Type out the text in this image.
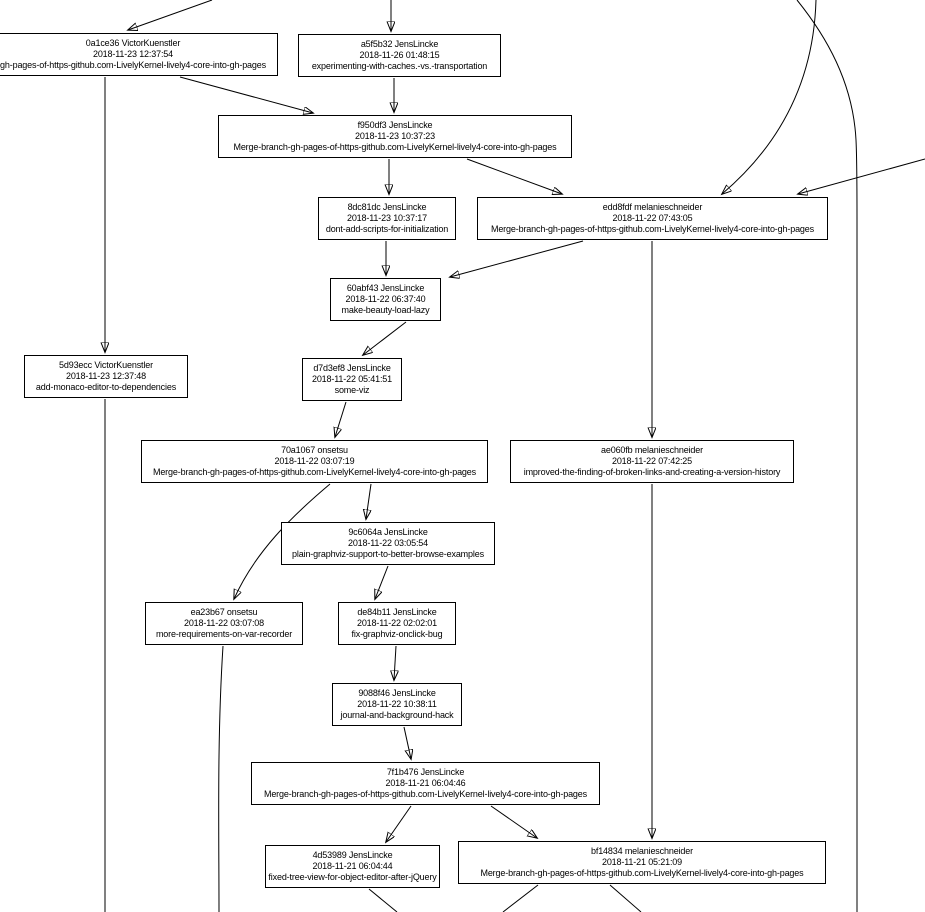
0a1ce36 VictorKuenstler
2018-11-23 12:37:54
gh-pages-of-https-github.com-LivelyKernel-lively4-core-into-gh-pages
a5f5b32 JensLincke
2018-11-26 01:48:15
experimenting-with-caches.-vs.-transportation
f950df3 JensLincke
2018-11-23 10:37:23
Merge-branch-gh-pages-of-https-github.com-LivelyKernel-lively4-core-into-gh-pages
8dc81dc JensLincke
2018-11-23 10:37:17
dont-add-scripts-for-initialization
edd8fdf melanieschneider
2018-11-22 07:43:05
Merge-branch-gh-pages-of-https-github.com-LivelyKernel-lively4-core-into-gh-pages
60abf43 JensLincke
2018-11-22 06:37:40
make-beauty-load-lazy
5d93ecc VictorKuenstler
2018-11-23 12:37:48
add-monaco-editor-to-dependencies
d7d3ef8 JensLincke
2018-11-22 05:41:51
some-viz
70a1067 onsetsu
2018-11-22 03:07:19
Merge-branch-gh-pages-of-https-github.com-LivelyKernel-lively4-core-into-gh-pages
ae060fb melanieschneider
2018-11-22 07:42:25
improved-the-finding-of-broken-links-and-creating-a-version-history
9c6064a JensLincke
2018-11-22 03:05:54
plain-graphviz-support-to-better-browse-examples
ea23b67 onsetsu
2018-11-22 03:07:08
more-requirements-on-var-recorder
de84b11 JensLincke
2018-11-22 02:02:01
fix-graphviz-onclick-bug
9088f46 JensLincke
2018-11-22 10:38:11
journal-and-background-hack
7f1b476 JensLincke
2018-11-21 06:04:46
Merge-branch-gh-pages-of-https-github.com-LivelyKernel-lively4-core-into-gh-pages
4d53989 JensLincke
2018-11-21 06:04:44
fixed-tree-view-for-object-editor-after-jQuery
bf14834 melanieschneider
2018-11-21 05:21:09
Merge-branch-gh-pages-of-https-github.com-LivelyKernel-lively4-core-into-gh-pages
